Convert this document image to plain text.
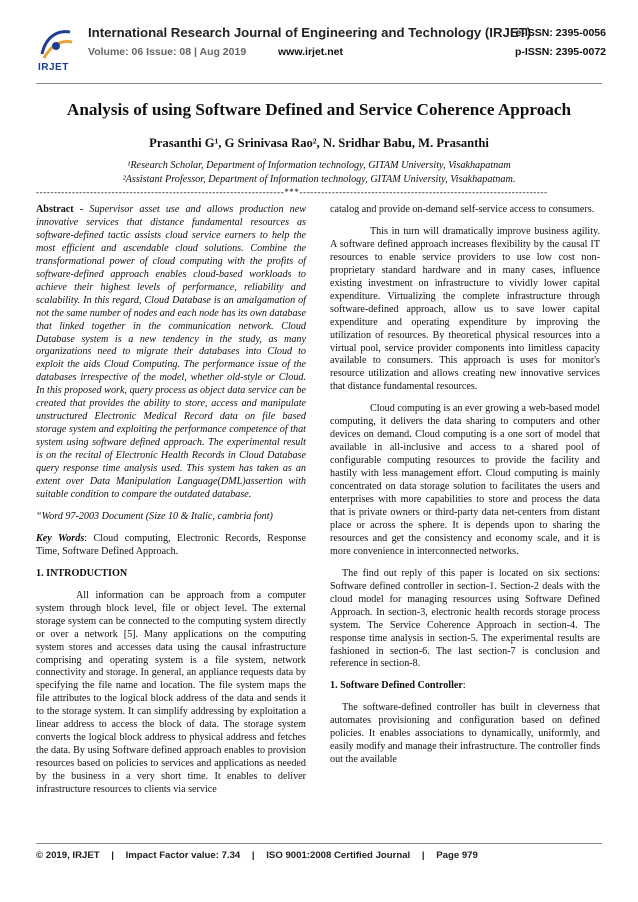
IRJET
International Research Journal of Engineering and Technology (IRJET)
e-ISSN: 2395-0056
Volume: 06 Issue: 08 | Aug 2019	www.irjet.net	p-ISSN: 2395-0072
Analysis of using Software Defined and Service Coherence Approach
Prasanthi G¹, G Srinivasa Rao², N. Sridhar Babu, M. Prasanthi
¹Research Scholar, Department of Information technology, GITAM University, Visakhapatnam
²Assistant Professor, Department of Information technology, GITAM University, Visakhapatnam.
---------------------------------------------------------------------***---------------------------------------------------------------------

Abstract - Supervisor asset use and allows production new innovative services that distance fundamental resources as software-defined tactic assists cloud service earners to help the most efficient and ascendable cloud solutions. Combine the transformational power of cloud computing with the profits of software-defined approach enables cloud-based workloads to achieve their highest levels of performance, reliability and scalability. In this regard, Cloud Database is an amalgamation of not the same number of nodes and each node has its own database that linked together in the communication network. Cloud Database system is a new tendency in the study, as many organizations need to migrate their databases into Cloud to exploit the aids Cloud Computing. The performance issue of the databases irrespective of the model, whether old-style or Cloud. In this proposed work, query process as object data service can be created that provides the ability to store, access and manipulate unstructured Electronic Medical Record data on file based storage system and exploiting the performance competence of that system using software defined approach. The experimental result is on the recital of Electronic Health Records in Cloud Database query response time analysis used. This system has taken as an extent over Data Manipulation Language(DML)assertion with suitable condition to compare the outdated database.

“Word 97-2003 Document (Size 10 & Italic, cambria font)

Key Words: Cloud computing, Electronic Records, Response Time, Software Defined Approach.

1. INTRODUCTION

All information can be approach from a computer system through block level, file or object level. The external storage system can be connected to the computing system directly or over a network [5]. Many applications on the computing system stores and accesses data using the causal infrastructure comprising and operating system is a file system, network connectivity and storage. In general, an appliance requests data by specifying the file name and location. The file system maps the file attributes to the logical block address of the data and sends it to the storage system. It can simplify addressing by exploitation a linear address to access the block of data. The storage system converts the logical block address to physical address and fetches the data. By using Software defined approach enables to provision resources based on policies to services and applications as needed by the business in a very short time. It enables to deliver infrastructure resources to clients via service

catalog and provide on-demand self-service access to consumers.

This in turn will dramatically improve business agility. A software defined approach increases flexibility by the causal IT resources to enable service providers to use low cost non-proprietary standard hardware and in many cases, influence existing investment on infrastructure to vividly lower capital expenditure. Virtualizing the complete infrastructure through software-defined approach, allow us to save lower capital expenditure and operating expenditure by improving the utilization of resources. By theoretical physical resources into a virtual pool, service provider components into limitless capacity available to consumers. This approach is uses for monitor's resource utilization and allows creating new innovative services that distance fundamental resources.

Cloud computing is an ever growing a web-based model computing, it delivers the data sharing to computers and other devices on demand. Cloud computing is a one sort of model that available in all-inclusive and access to a shared pool of configurable computing resources to provide the facility and hastily with less management effort. Cloud computing is mainly concentrated on data storage solution to facilitates the users and enterprises with more capabilities to store and process the data that is private owners or third-party data net-centers from distant place or across the sphere. It is depends upon to sharing the resources and get the consistency and economy scale, and it is more convenience in interconnected networks.

The find out reply of this paper is located on six sections: Software defined controller in section-1. Section-2 deals with the cloud model for managing resources using Software Defined Approach. In section-3, electronic health records storage process system. The Service Coherence Approach in section-4. The response time analysis in section-5. The experimental results are fashioned in section-6. The last section-7 is conclusion and reference in section-8.

1. Software Defined Controller:

The software-defined controller has built in cleverness that automates provisioning and configuration based on defined policies. It enables associations to dynamically, uniformly, and easily modify and manage their infrastructure. The controller finds out the available

© 2019, IRJET | Impact Factor value: 7.34 | ISO 9001:2008 Certified Journal | Page 979
